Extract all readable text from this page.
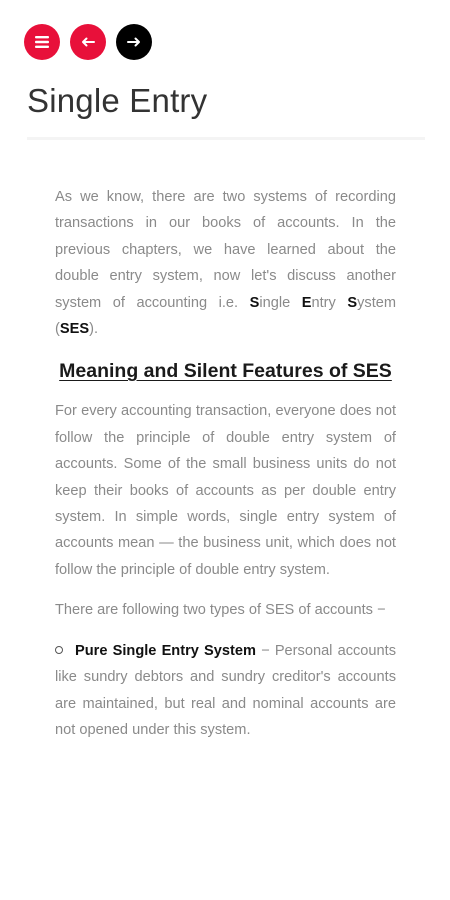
Single Entry

As we know, there are two systems of recording transactions in our books of accounts. In the previous chapters, we have learned about the double entry system, now let's discuss another system of accounting i.e. Single Entry System (SES).

Meaning and Silent Features of SES

For every accounting transaction, everyone does not follow the principle of double entry system of accounts. Some of the small business units do not keep their books of accounts as per double entry system. In simple words, single entry system of accounts mean — the business unit, which does not follow the principle of double entry system.

There are following two types of SES of accounts −

Pure Single Entry System − Personal accounts like sundry debtors and sundry creditor's accounts are maintained, but real and nominal accounts are not opened under this system.
